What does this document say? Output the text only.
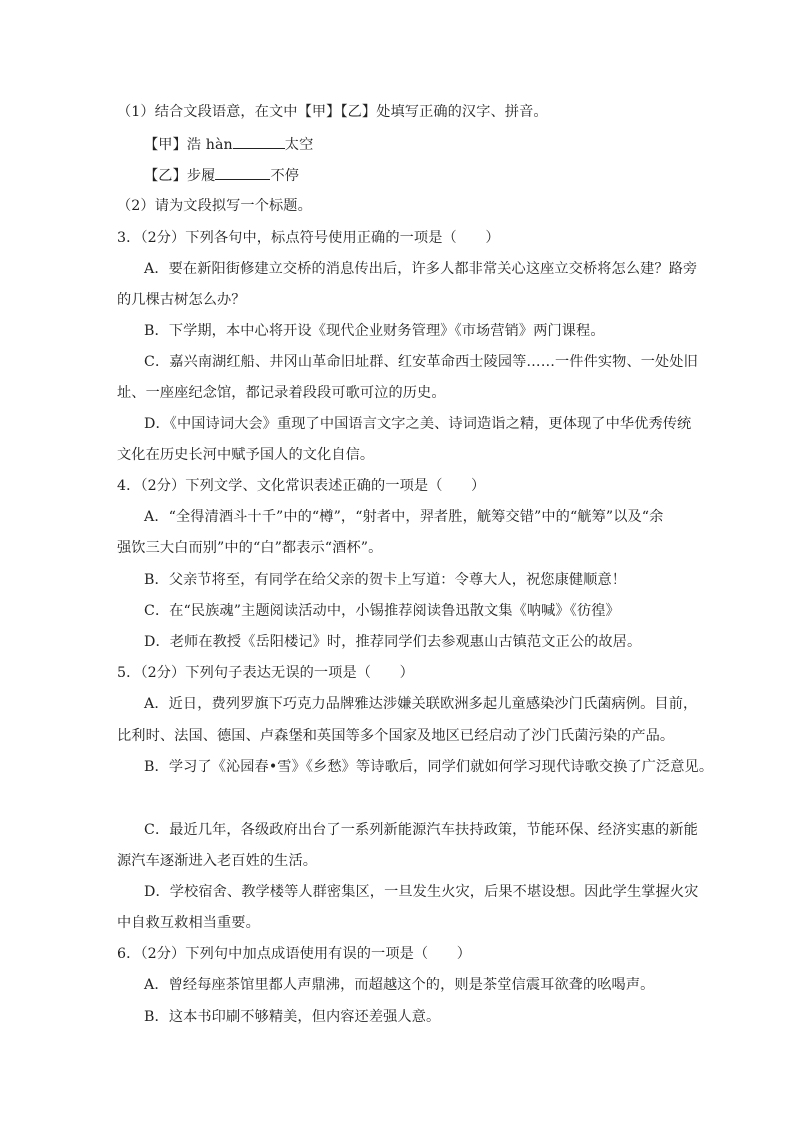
（1）结合文段语意，在文中【甲】【乙】处填写正确的汉字、拼音。
【甲】浩 hàn	太空
【乙】步履	不停
（2）请为文段拟写一个标题。
3．（2分）下列各句中，标点符号使用正确的一项是（　　）
A．要在新阳街修建立交桥的消息传出后，许多人都非常关心这座立交桥将怎么建？路旁
的几棵古树怎么办？
B．下学期，本中心将开设《现代企业财务管理》《市场营销》两门课程。
C．嘉兴南湖红船、井冈山革命旧址群、红安革命西士陵园等……一件件实物、一处处旧
址、一座座纪念馆，都记录着段段可歌可泣的历史。
D．《中国诗词大会》重现了中国语言文字之美、诗词造诣之精，更体现了中华优秀传统
文化在历史长河中赋予国人的文化自信。
4．（2分）下列文学、文化常识表述正确的一项是（　　）
A．“全得清酒斗十千”中的“樽”，“射者中，羿者胜，觥筹交错”中的“觥筹”以及“余
强饮三大白而别”中的“白”都表示“酒杯”。
B．父亲节将至，有同学在给父亲的贺卡上写道：令尊大人，祝您康健顺意！
C．在“民族魂”主题阅读活动中，小锡推荐阅读鲁迅散文集《呐喊》《彷徨》
D．老师在教授《岳阳楼记》时，推荐同学们去参观惠山古镇范文正公的故居。
5．（2分）下列句子表达无误的一项是（　　）
A．近日，费列罗旗下巧克力品牌雅达涉嫌关联欧洲多起儿童感染沙门氏菌病例。目前，
比利时、法国、德国、卢森堡和英国等多个国家及地区已经启动了沙门氏菌污染的产品。
B．学习了《沁园春•雪》《乡愁》等诗歌后，同学们就如何学习现代诗歌交换了广泛意见。
C．最近几年，各级政府出台了一系列新能源汽车扶持政策，节能环保、经济实惠的新能
源汽车逐渐进入老百姓的生活。
D．学校宿舍、教学楼等人群密集区，一旦发生火灾，后果不堪设想。因此学生掌握火灾
中自救互救相当重要。
6．（2分）下列句中加点成语使用有误的一项是（　　）
A．曾经每座茶馆里都人声鼎沸，而超越这个的，则是茶堂信震耳欲聋的吆喝声。
B．这本书印刷不够精美，但内容还差强人意。
